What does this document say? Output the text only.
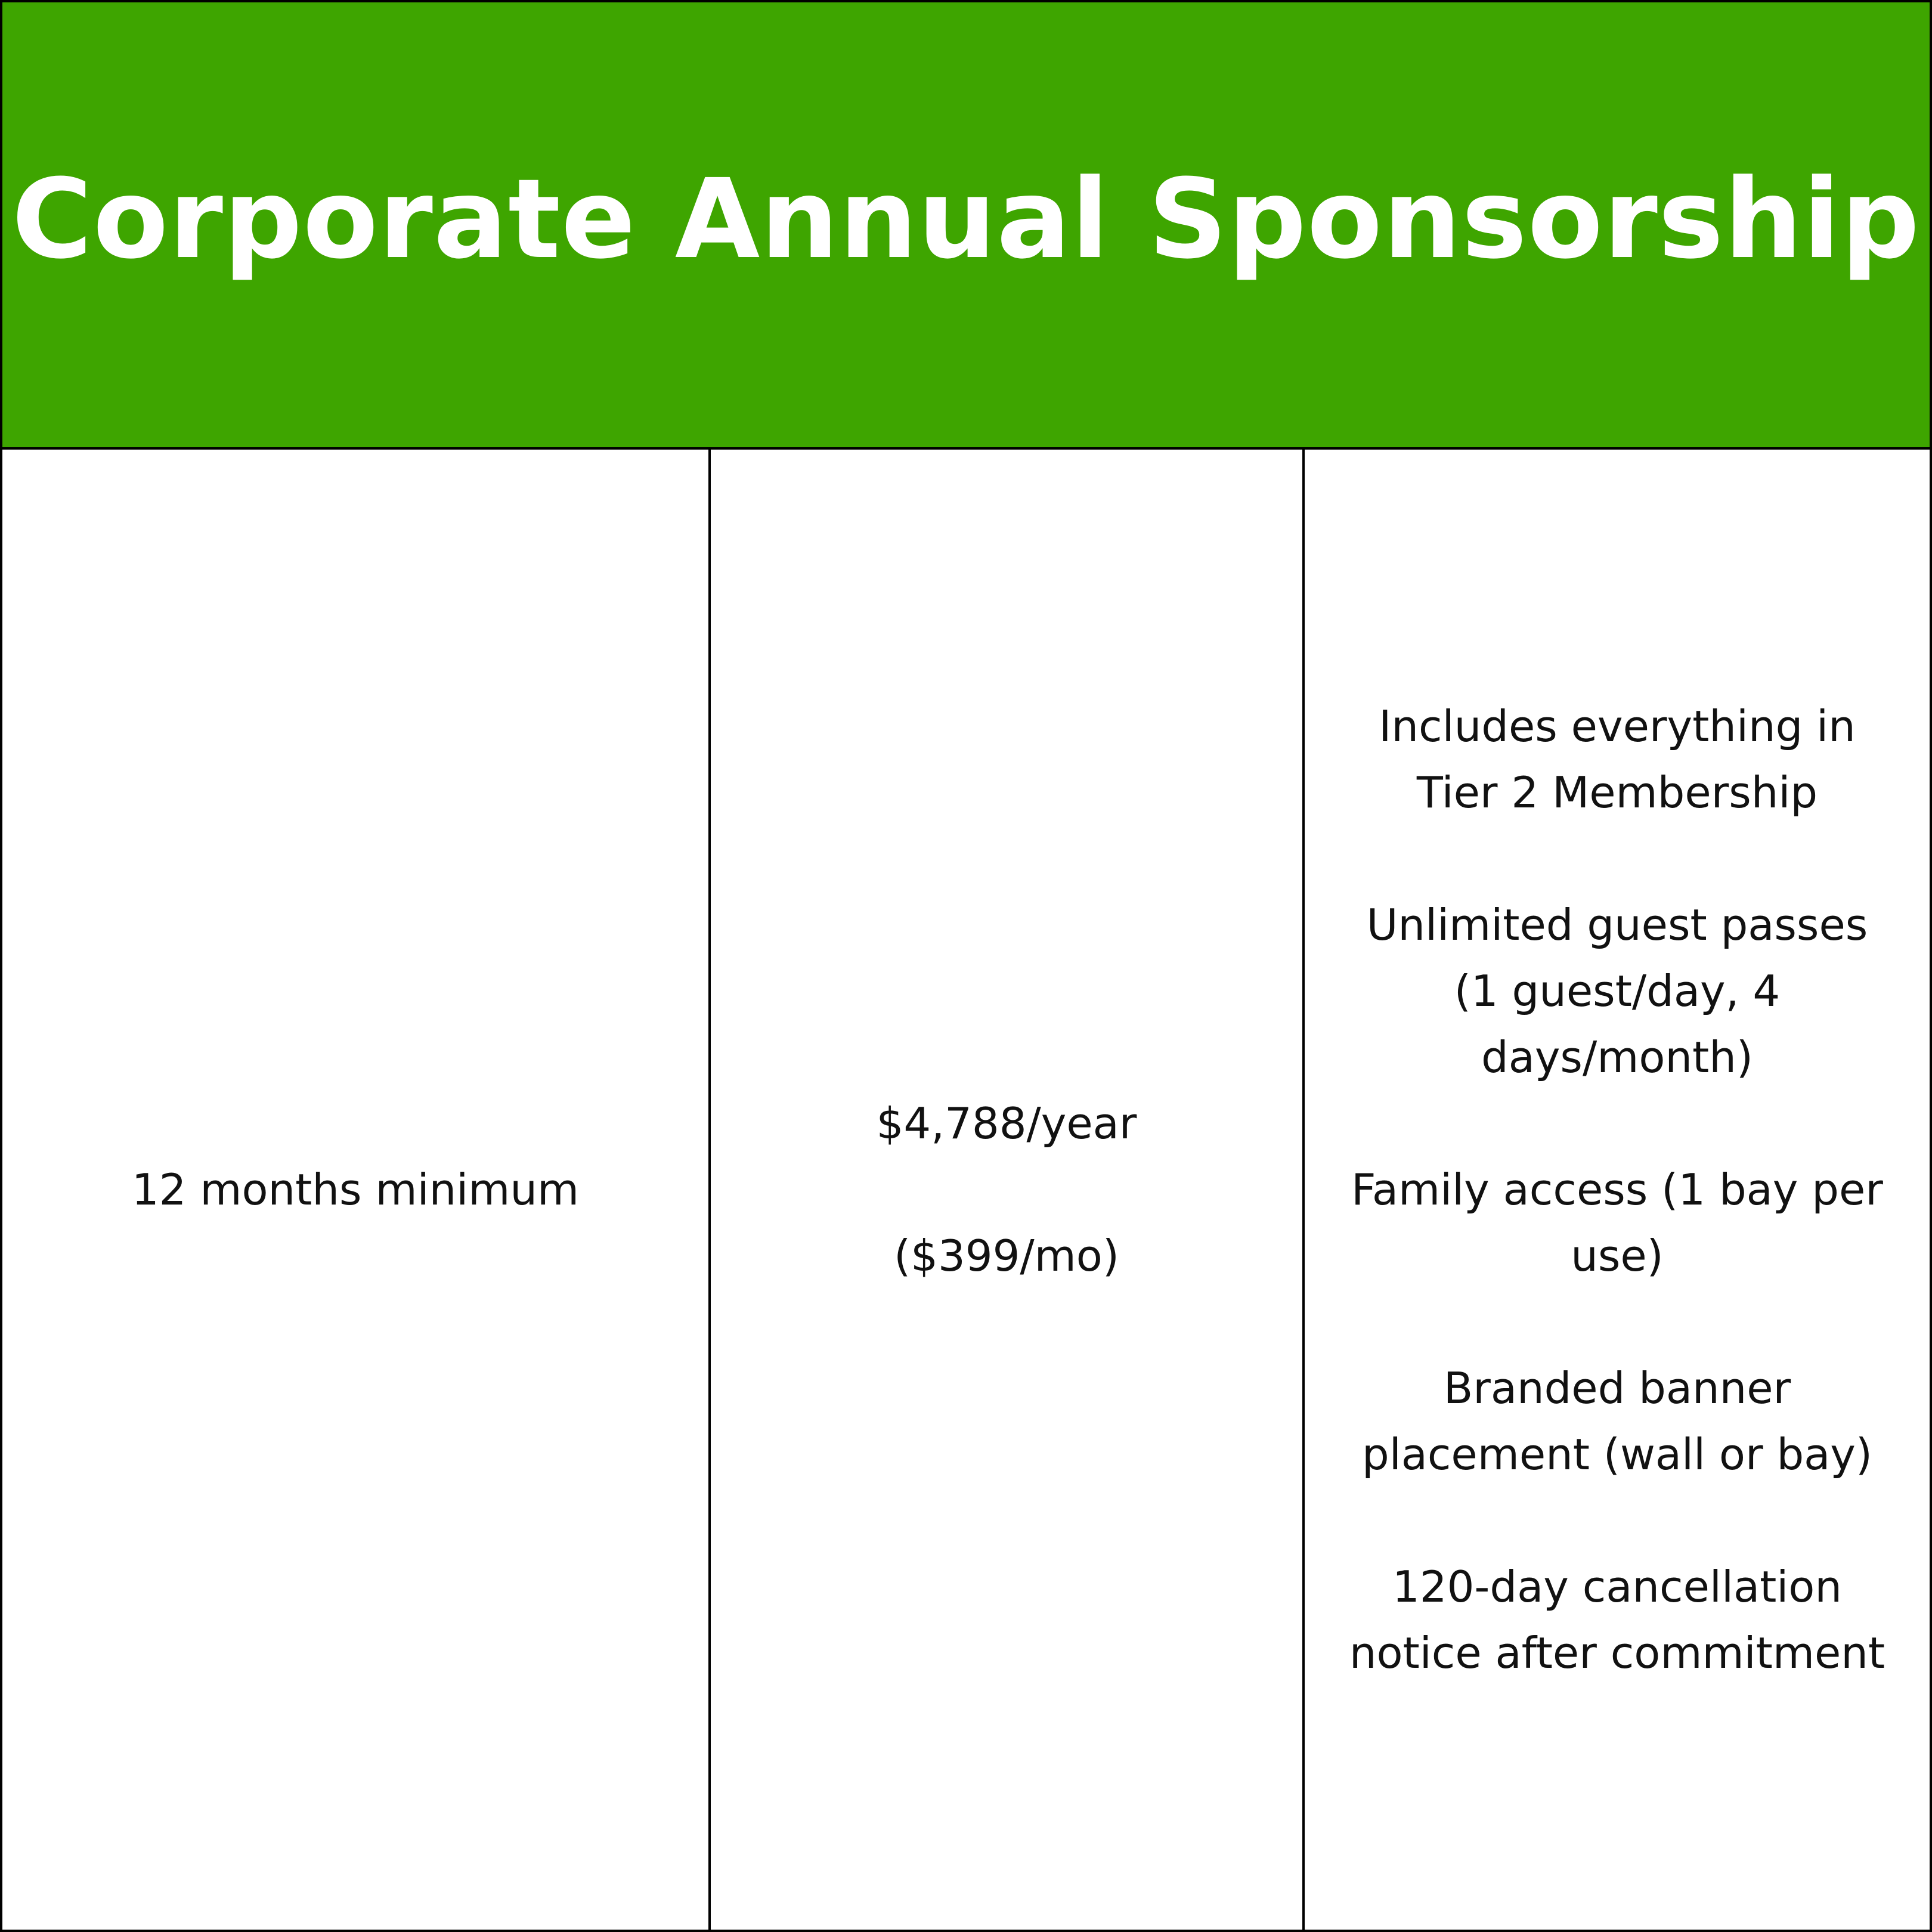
Corporate Annual Sponsorship
12 months minimum
$4,788/year
($399/mo)
Includes everything in
Tier 2 Membership
Unlimited guest passes
(1 guest/day, 4
days/month)
Family access (1 bay per
use)
Branded banner
placement (wall or bay)
120-day cancellation
notice after commitment
